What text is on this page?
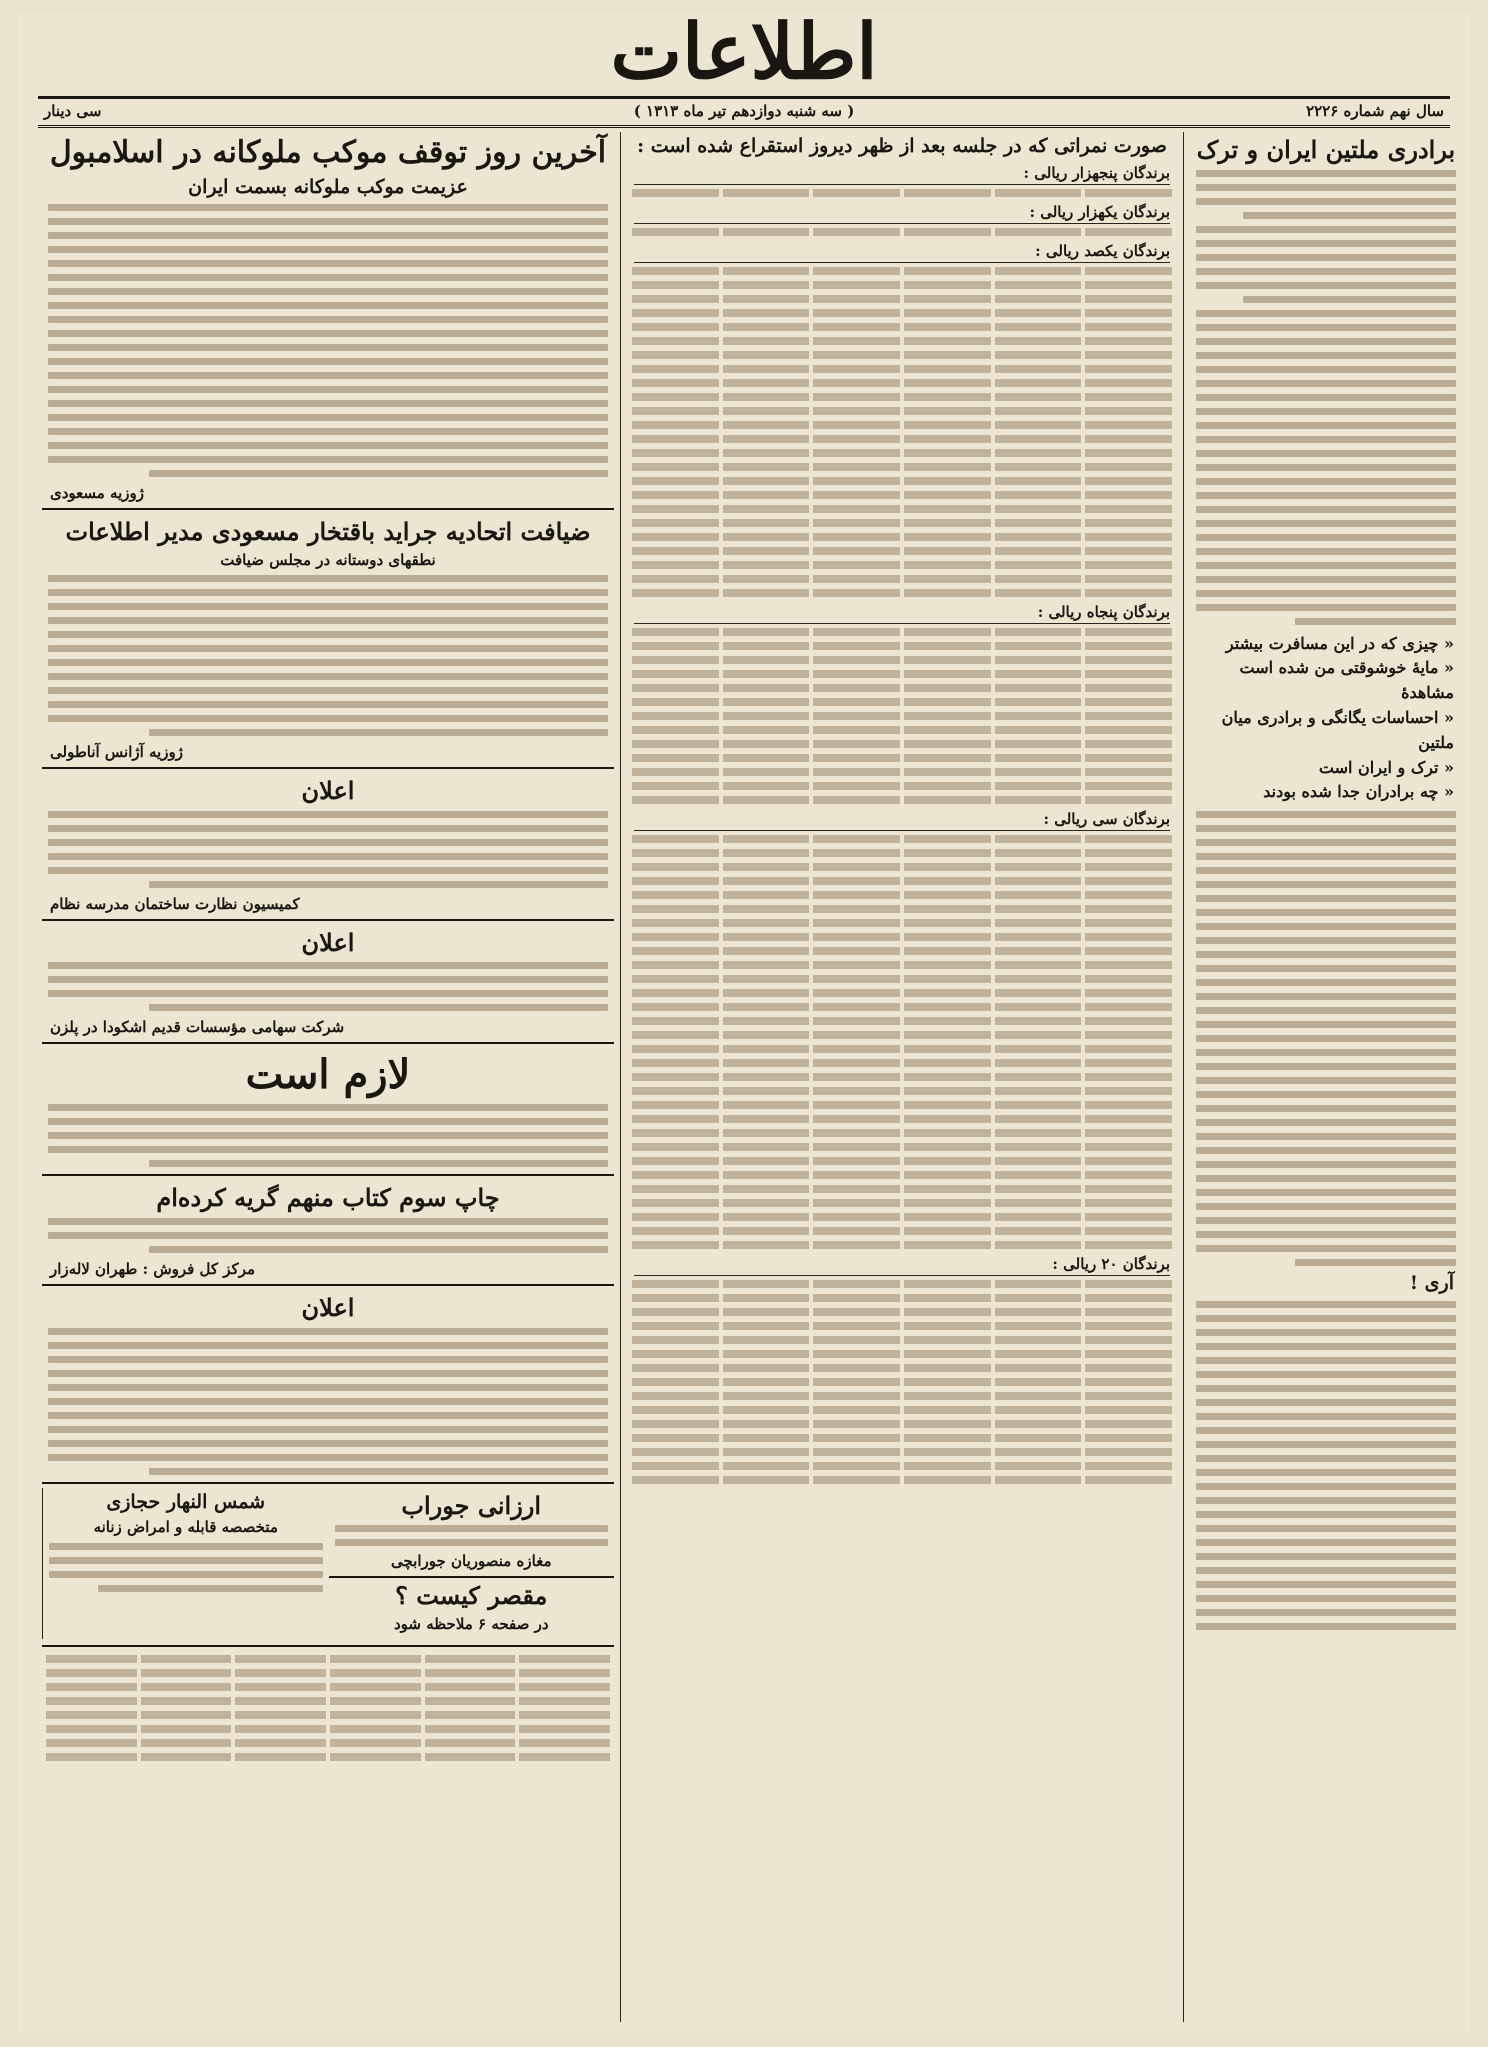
اطلاعات
سی دینار	( سه شنبه دوازدهم تیر ماه ۱۳۱۳ )	سال نهم شماره ۲۲۲۶
برادری ملتین ایران و ترک
« چیزی که در این مسافرت بیشتر
« مایهٔ خوشوقتی من شده است مشاهدهٔ
« احساسات یگانگی و برادری میان ملتین
« ترک و ایران است
« چه برادران جدا شده بودند
آری !
صورت نمراتی که در جلسه بعد از ظهر دیروز استقراع شده است :
برندگان پنجهزار ریالی :
برندگان یکهزار ریالی :
برندگان یکصد ریالی :
برندگان پنجاه ریالی :
برندگان سی ریالی :
برندگان ۲۰ ریالی :
آخرین روز توقف موکب ملوکانه در اسلامبول
عزیمت موکب ملوکانه بسمت ایران
ژوزیه مسعودی
ضیافت اتحادیه جراید باقتخار مسعودی مدیر اطلاعات
نطقهای دوستانه در مجلس ضیافت
ژوزیه آژانس آناطولی
اعلان
کمیسیون نظارت ساختمان مدرسه نظام
اعلان
شرکت سهامی مؤسسات قدیم اشکودا در پلزن
لازم است
چاپ سوم کتاب منهم گریه کرده‌ام
مرکز کل فروش : طهران لاله‌زار
اعلان
شمس النهار حجازی
متخصصه قابله و امراض زنانه
ارزانی جوراب
مغازه منصوریان جورابچی
مقصر کیست ؟
در صفحه ۶ ملاحظه شود
